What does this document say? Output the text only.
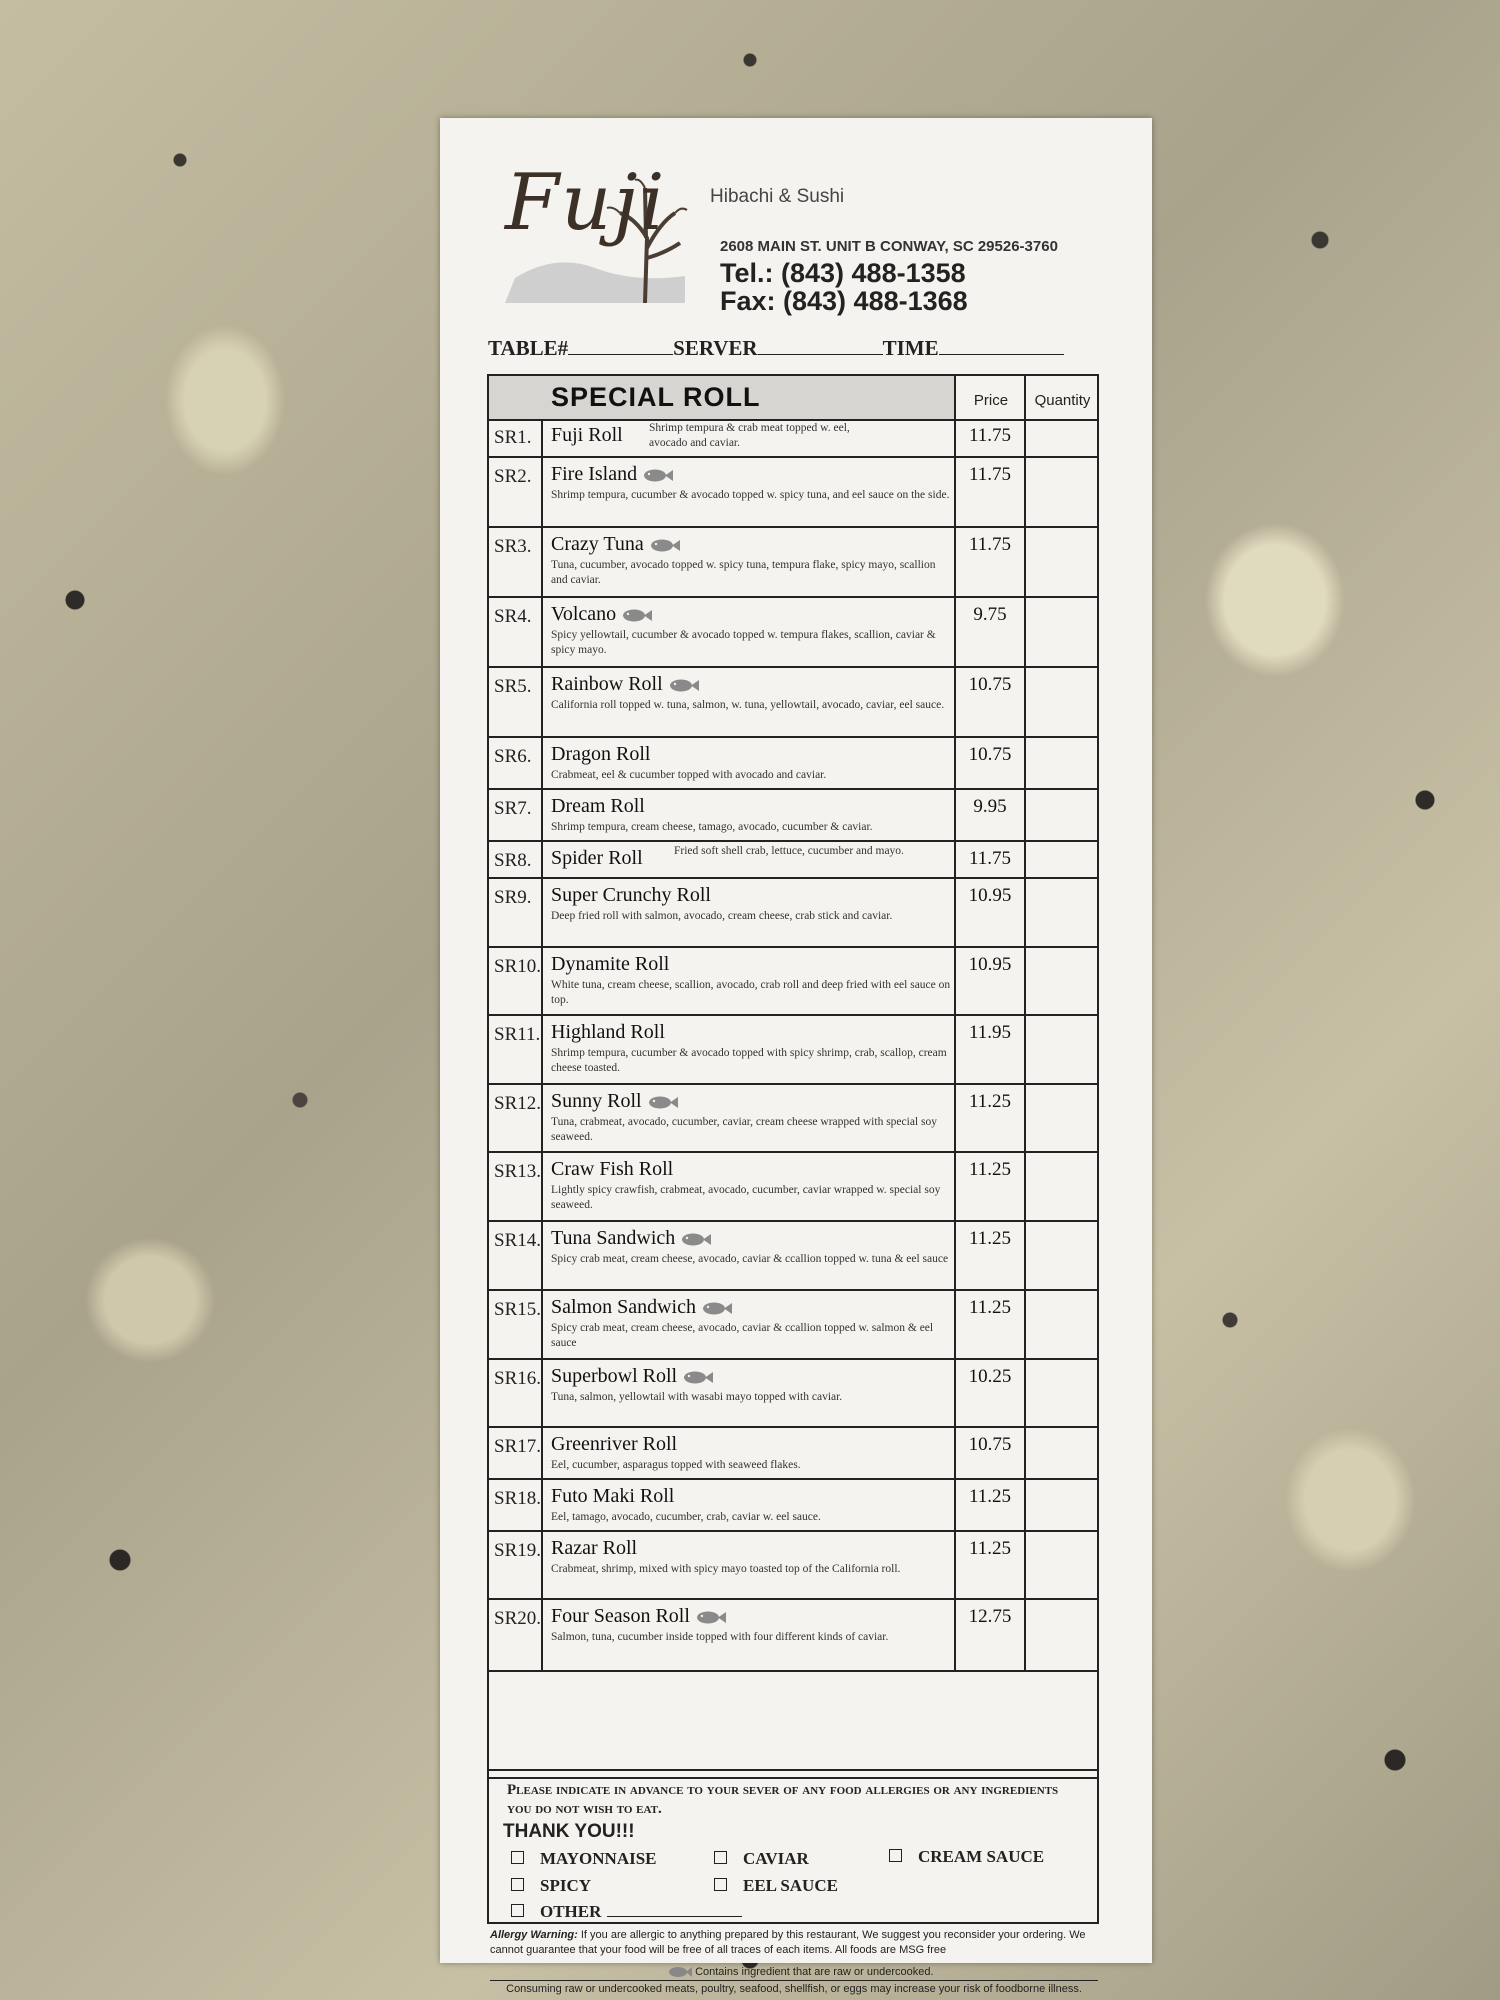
Fuji Hibachi & Sushi
2608 MAIN ST. UNIT B CONWAY, SC 29526-3760
Tel.: (843) 488-1358
Fax: (843) 488-1368
TABLE#	SERVER	TIME
SPECIAL ROLL	Price	Quantity
SR1. Fuji Roll Shrimp tempura & crab meat topped w. eel, avocado and caviar.	11.75
SR2. Fire Island
Shrimp tempura, cucumber & avocado topped w. spicy tuna, and eel sauce on the side.
11.75
SR3. Crazy Tuna
Tuna, cucumber, avocado topped w. spicy tuna, tempura flake, spicy mayo, scallion and caviar.
11.75
SR4. Volcano
Spicy yellowtail, cucumber & avocado topped w. tempura flakes, scallion, caviar & spicy mayo.
9.75
SR5. Rainbow Roll
California roll topped w. tuna, salmon, w. tuna, yellowtail, avocado, caviar, eel sauce.
10.75
SR6. Dragon Roll
Crabmeat, eel & cucumber topped with avocado and caviar.
10.75
SR7. Dream Roll
Shrimp tempura, cream cheese, tamago, avocado, cucumber & caviar.
9.95
SR8. Spider Roll	Fried soft shell crab, lettuce, cucumber and mayo.	11.75
SR9. Super Crunchy Roll
Deep fried roll with salmon, avocado, cream cheese, crab stick and caviar.
10.95
SR10. Dynamite Roll
White tuna, cream cheese, scallion, avocado, crab roll and deep fried with eel sauce on top.
10.95
SR11. Highland Roll
Shrimp tempura, cucumber & avocado topped with spicy shrimp, crab, scallop, cream cheese toasted.
11.95
SR12. Sunny Roll
Tuna, crabmeat, avocado, cucumber, caviar, cream cheese wrapped with special soy seaweed.
11.25
SR13. Craw Fish Roll
Lightly spicy crawfish, crabmeat, avocado, cucumber, caviar wrapped w. special soy seaweed.
11.25
SR14. Tuna Sandwich
Spicy crab meat, cream cheese, avocado, caviar & ccallion topped w. tuna & eel sauce
11.25
SR15. Salmon Sandwich
Spicy crab meat, cream cheese, avocado, caviar & ccallion topped w. salmon & eel sauce
11.25
SR16. Superbowl Roll
Tuna, salmon, yellowtail with wasabi mayo topped with caviar.
10.25
SR17. Greenriver Roll
Eel, cucumber, asparagus topped with seaweed flakes.
10.75
SR18. Futo Maki Roll
Eel, tamago, avocado, cucumber, crab, caviar w. eel sauce.
11.25
SR19. Razar Roll
Crabmeat, shrimp, mixed with spicy mayo toasted top of the California roll.
11.25
SR20. Four Season Roll
Salmon, tuna, cucumber inside topped with four different kinds of caviar.
12.75
Please indicate in advance to your sever of any food allergies or any ingredients you do not wish to eat.
THANK YOU!!!
MAYONNAISE	CAVIAR	CREAM SAUCE
SPICY	EEL SAUCE
OTHER
Allergy Warning: If you are allergic to anything prepared by this restaurant, We suggest you reconsider your ordering. We cannot guarantee that your food will be free of all traces of each items. All foods are MSG free
Contains ingredient that are raw or undercooked.
Consuming raw or undercooked meats, poultry, seafood, shellfish, or eggs may increase your risk of foodborne illness.
